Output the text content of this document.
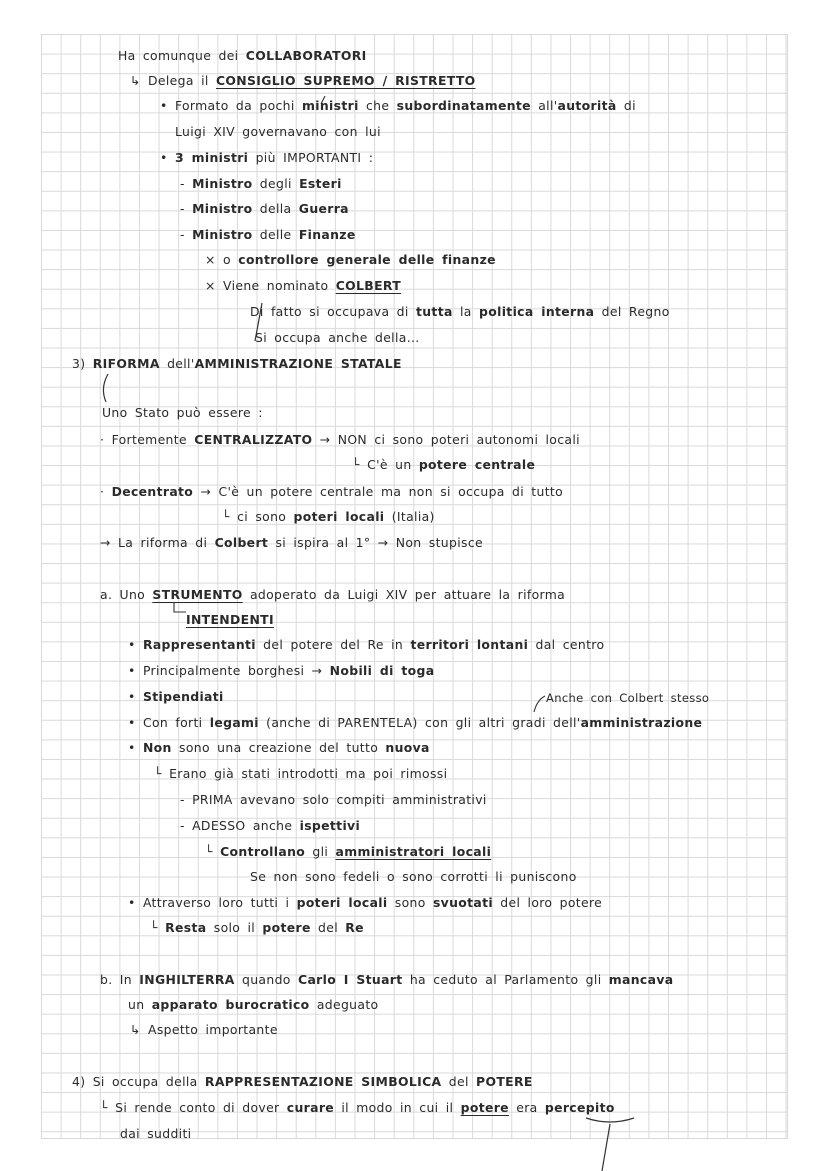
Ha comunque dei COLLABORATORI
↳ Delega il CONSIGLIO SUPREMO / RISTRETTO
• Formato da pochi ministri che subordinatamente all'autorità di
Luigi XIV governavano con lui
• 3 ministri più IMPORTANTI :
- Ministro degli Esteri
- Ministro della Guerra
- Ministro delle Finanze
× o controllore generale delle finanze
× Viene nominato COLBERT
Di fatto si occupava di tutta la politica interna del Regno
Si occupa anche della...
3) RIFORMA dell'AMMINISTRAZIONE STATALE
Uno Stato può essere :
· Fortemente CENTRALIZZATO → NON ci sono poteri autonomi locali
└ C'è un potere centrale
· Decentrato → C'è un potere centrale ma non si occupa di tutto
└ ci sono poteri locali (Italia)
→ La riforma di Colbert si ispira al 1° → Non stupisce
a. Uno STRUMENTO adoperato da Luigi XIV per attuare la riforma
INTENDENTI
• Rappresentanti del potere del Re in territori lontani dal centro
• Principalmente borghesi → Nobili di toga
• Stipendiati	Anche con Colbert stesso
• Con forti legami (anche di PARENTELA) con gli altri gradi dell'amministrazione
• Non sono una creazione del tutto nuova
└ Erano già stati introdotti ma poi rimossi
- PRIMA avevano solo compiti amministrativi
- ADESSO anche ispettivi
└ Controllano gli amministratori locali
Se non sono fedeli o sono corrotti li puniscono
• Attraverso loro tutti i poteri locali sono svuotati del loro potere
└ Resta solo il potere del Re
b. In INGHILTERRA quando Carlo I Stuart ha ceduto al Parlamento gli mancava
un apparato burocratico adeguato
↳ Aspetto importante
4) Si occupa della RAPPRESENTAZIONE SIMBOLICA del POTERE
└ Si rende conto di dover curare il modo in cui il potere era percepito
dai sudditi
